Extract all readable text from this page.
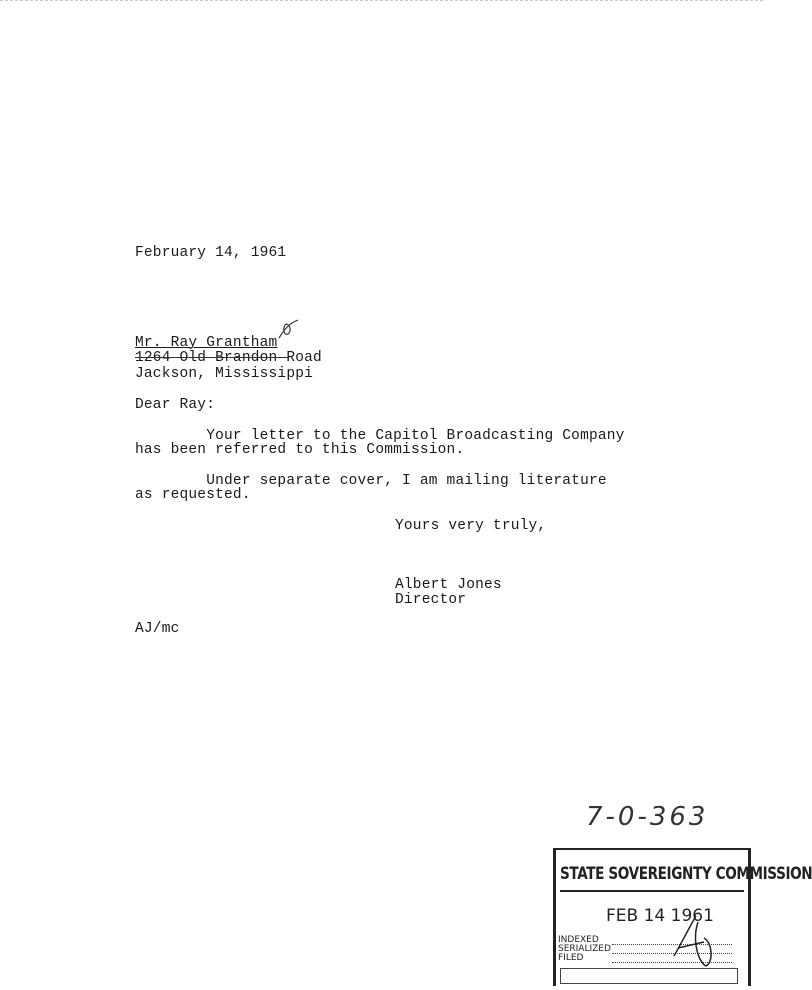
February 14, 1961
Mr. Ray Grantham
1264 Old Brandon Road
Jackson, Mississippi
Dear Ray:
Your letter to the Capitol Broadcasting Company
has been referred to this Commission.
Under separate cover, I am mailing literature
as requested.
Yours very truly,
Albert Jones
Director
AJ/mc
7-0-363
STATE SOVEREIGNTY COMMISSION
FEB 14 1961
INDEXED
SERIALIZED
FILED
